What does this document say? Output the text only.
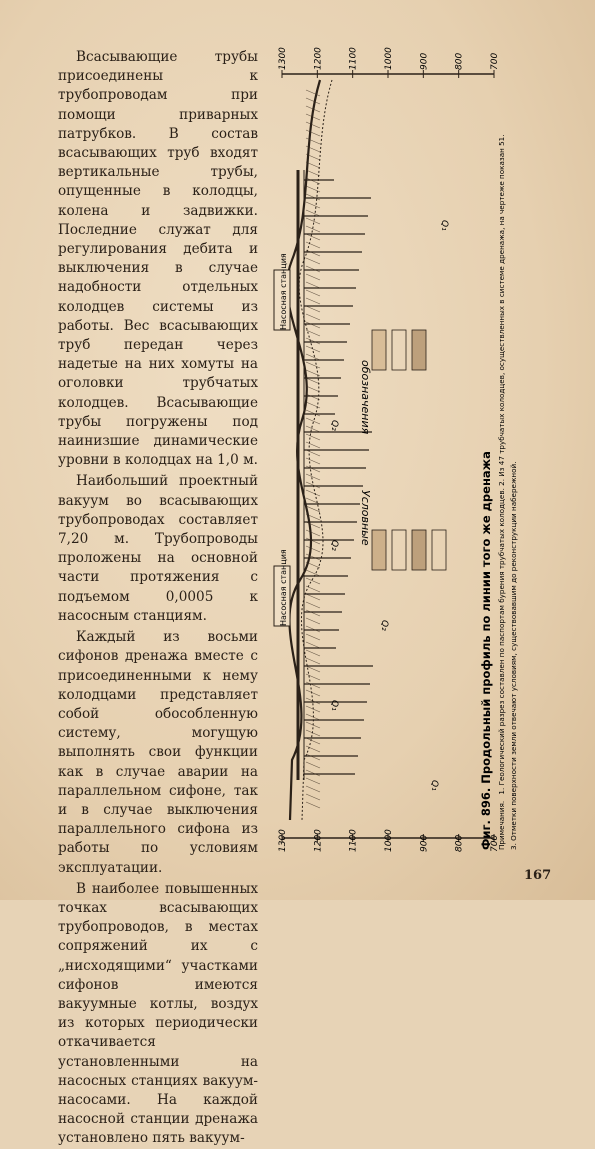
Всасывающие трубы присоединены к трубопроводам при помощи приварных патрубков. В состав всасывающих труб входят вертикальные трубы, опущенные в колодцы, колена и задвижки. Последние служат для регулирования дебита и выключения в случае надобности отдельных колодцев системы из работы. Вес всасывающих труб передан через надетые на них хомуты на оголовки трубчатых колодцев. Всасывающие трубы погружены под наинизшие динамические уровни в колодцах на 1,0 м.

Наибольший проектный вакуум во всасывающих трубопроводах составляет 7,20 м. Трубопроводы проложены на основной части протяжения с подъемом 0,0005 к насосным станциям.

Каждый из восьми сифонов дренажа вместе с присоединенными к нему колодцами представляет собой обособленную систему, могущую выполнять свои функции как в случае аварии на параллельном сифоне, так и в случае выключения параллельного сифона из работы по условиям эксплуатации.

В наиболее повышенных точках всасывающих трубопроводов, в местах сопряжений их с „нисходящими“ участками сифонов имеются вакуумные котлы, воздух из которых периодически откачивается установленными на насосных станциях вакуум-насосами. На каждой насосной станции дренажа установлено пять вакуум-

1300	1200	1100	1000	900	800	700
1300	1200	1100	1000	900	800	700
Насосная станция
Насосная станция
обозначения
Условные
Q₁
Q₂
Q₂
Q₁
Q₁
Q₂	Фиг. 896. Продольный профиль по линии того же дренажа Примечания. 1. Геологический разрез составлен по паспортам бурения трубчатых колодцев. 2. Из 47 трубчатых колодцев, осуществленных в системе дренажа, на чертеже показан 51. 3. Отметки поверхности земли отвечают условиям, существовавшим до реконструкции набережной.
167
